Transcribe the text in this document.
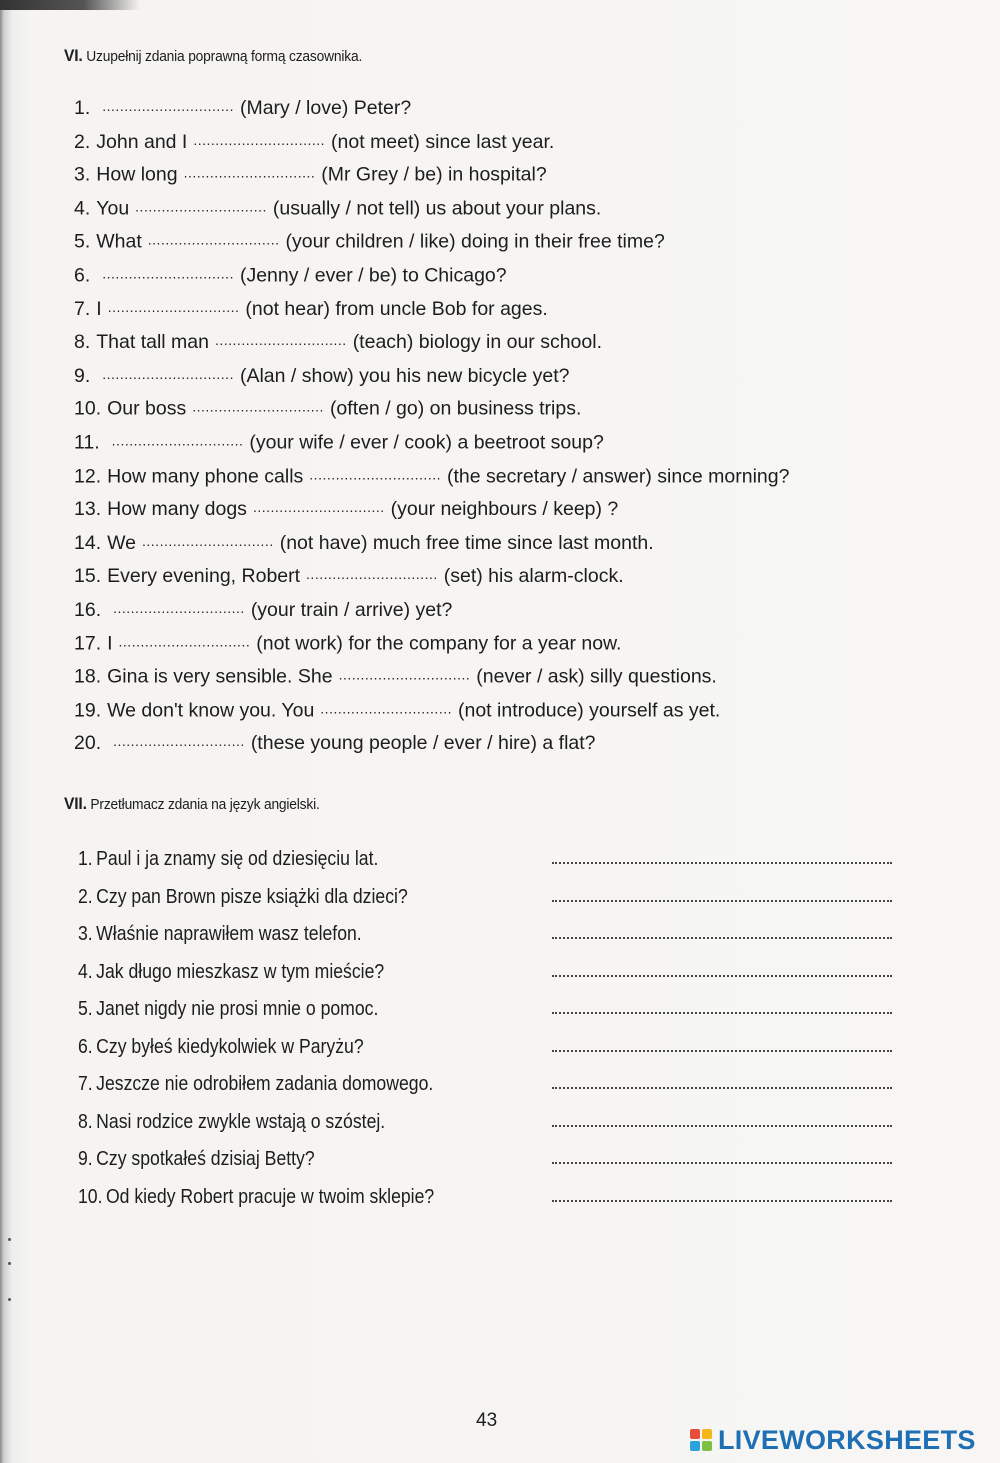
VI. Uzupełnij zdania poprawną formą czasownika.
1. .............................. (Mary / love) Peter?
2. John and I .............................. (not meet) since last year.
3. How long .............................. (Mr Grey / be) in hospital?
4. You .............................. (usually / not tell) us about your plans.
5. What .............................. (your children / like) doing in their free time?
6. .............................. (Jenny / ever / be) to Chicago?
7. I .............................. (not hear) from uncle Bob for ages.
8. That tall man .............................. (teach) biology in our school.
9. .............................. (Alan / show) you his new bicycle yet?
10. Our boss .............................. (often / go) on business trips.
11. .............................. (your wife / ever / cook) a beetroot soup?
12. How many phone calls .............................. (the secretary / answer) since morning?
13. How many dogs .............................. (your neighbours / keep) ?
14. We .............................. (not have) much free time since last month.
15. Every evening, Robert .............................. (set) his alarm-clock.
16. .............................. (your train / arrive) yet?
17. I .............................. (not work) for the company for a year now.
18. Gina is very sensible. She .............................. (never / ask) silly questions.
19. We don't know you. You .............................. (not introduce) yourself as yet.
20. .............................. (these young people / ever / hire) a flat?
VII. Przetłumacz zdania na język angielski.
1. Paul i ja znamy się od dziesięciu lat.
2. Czy pan Brown pisze książki dla dzieci?
3. Właśnie naprawiłem wasz telefon.
4. Jak długo mieszkasz w tym mieście?
5. Janet nigdy nie prosi mnie o pomoc.
6. Czy byłeś kiedykolwiek w Paryżu?
7. Jeszcze nie odrobiłem zadania domowego.
8. Nasi rodzice zwykle wstają o szóstej.
9. Czy spotkałeś dzisiaj Betty?
10. Od kiedy Robert pracuje w twoim sklepie?
43
LIVEWORKSHEETS
